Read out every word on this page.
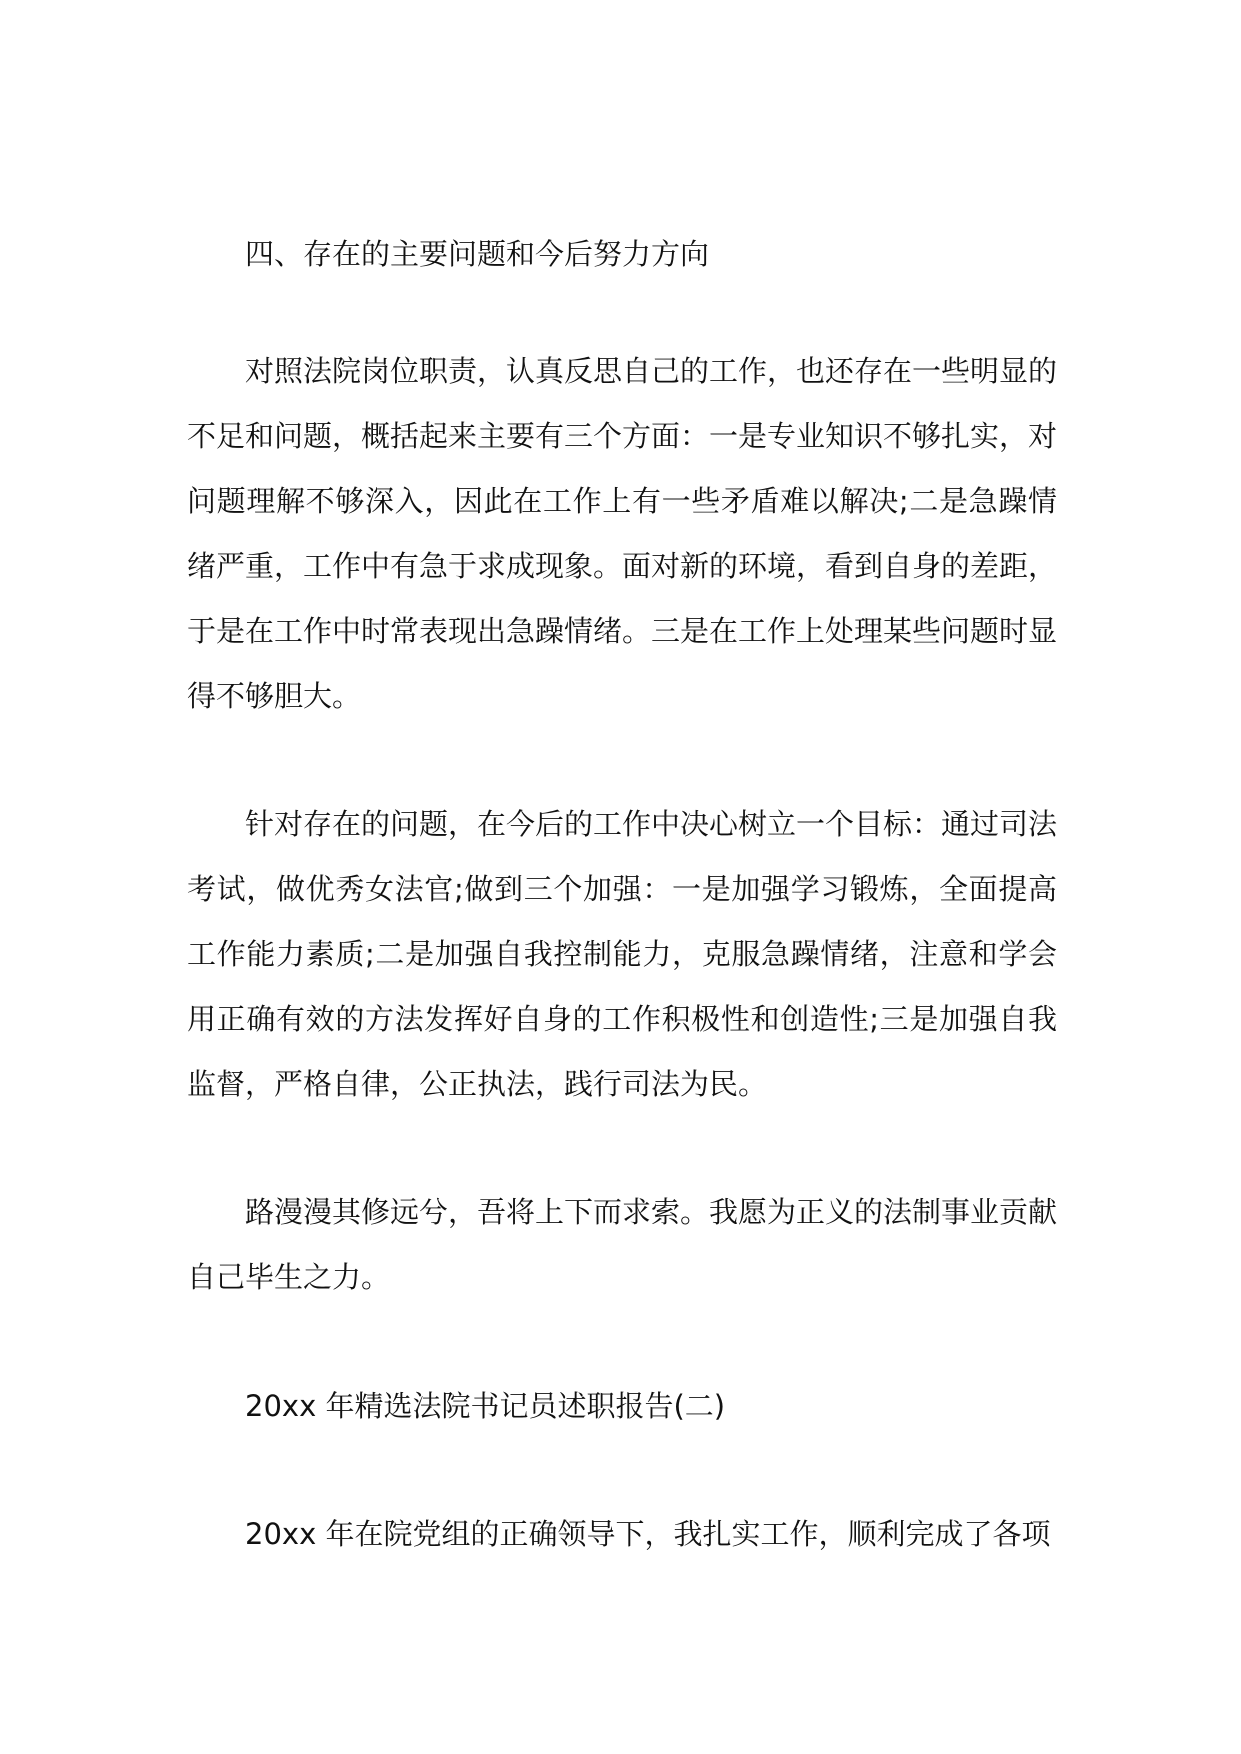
四、存在的主要问题和今后努力方向

对照法院岗位职责，认真反思自己的工作，也还存在一些明显的不足和问题，概括起来主要有三个方面：一是专业知识不够扎实，对问题理解不够深入，因此在工作上有一些矛盾难以解决;二是急躁情绪严重，工作中有急于求成现象。面对新的环境，看到自身的差距，于是在工作中时常表现出急躁情绪。三是在工作上处理某些问题时显得不够胆大。

针对存在的问题，在今后的工作中决心树立一个目标：通过司法考试，做优秀女法官;做到三个加强：一是加强学习锻炼，全面提高工作能力素质;二是加强自我控制能力，克服急躁情绪，注意和学会用正确有效的方法发挥好自身的工作积极性和创造性;三是加强自我监督，严格自律，公正执法，践行司法为民。

路漫漫其修远兮，吾将上下而求索。我愿为正义的法制事业贡献自己毕生之力。

20xx 年精选法院书记员述职报告(二)

20xx 年在院党组的正确领导下，我扎实工作，顺利完成了各项
